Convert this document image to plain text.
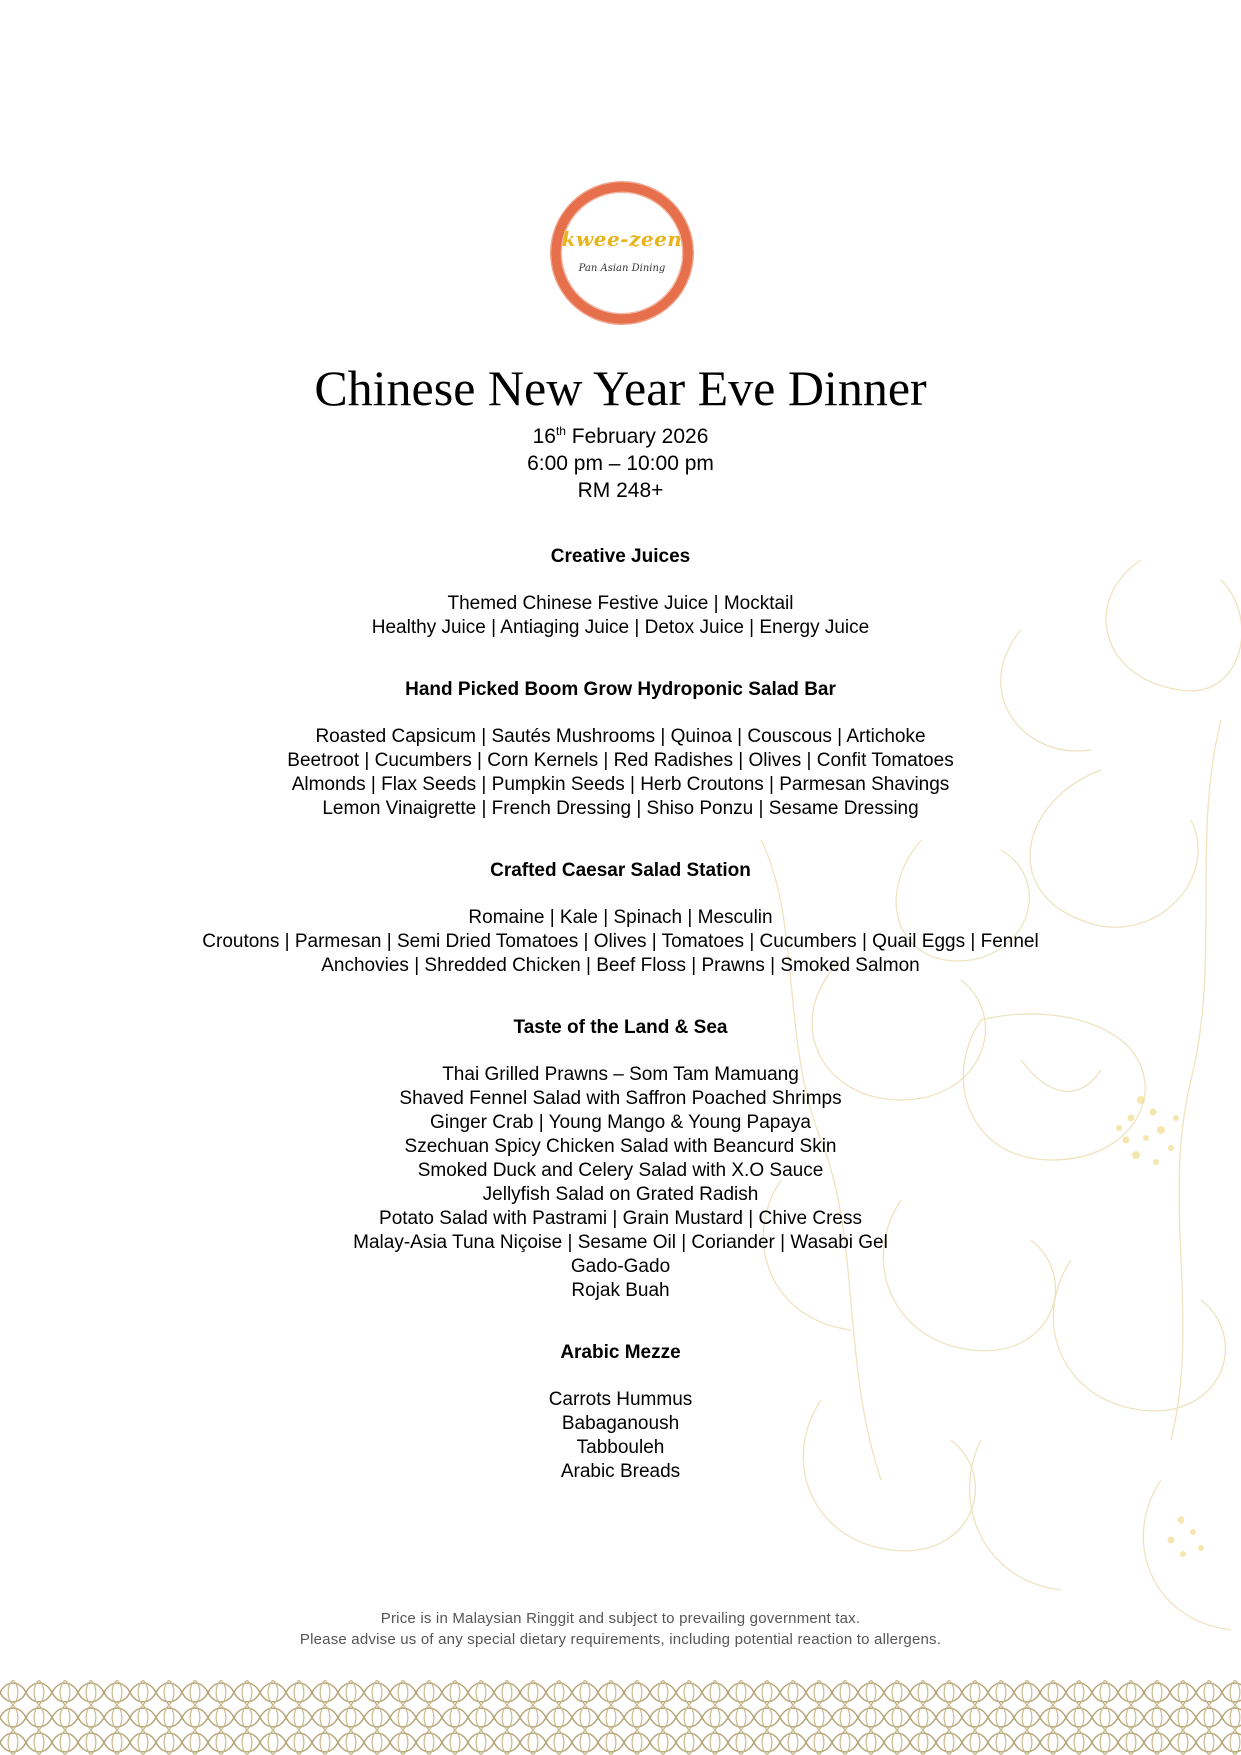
kwee-zeen
Pan Asian Dining
Chinese New Year Eve Dinner
16th February 2026
6:00 pm – 10:00 pm
RM 248+
Creative Juices
Themed Chinese Festive Juice | Mocktail
Healthy Juice | Antiaging Juice | Detox Juice | Energy Juice
Hand Picked Boom Grow Hydroponic Salad Bar
Roasted Capsicum | Sautés Mushrooms | Quinoa | Couscous | Artichoke
Beetroot | Cucumbers | Corn Kernels | Red Radishes | Olives | Confit Tomatoes
Almonds | Flax Seeds | Pumpkin Seeds | Herb Croutons | Parmesan Shavings
Lemon Vinaigrette | French Dressing | Shiso Ponzu | Sesame Dressing
Crafted Caesar Salad Station
Romaine | Kale | Spinach | Mesculin
Croutons | Parmesan | Semi Dried Tomatoes | Olives | Tomatoes | Cucumbers | Quail Eggs | Fennel
Anchovies | Shredded Chicken | Beef Floss | Prawns | Smoked Salmon
Taste of the Land & Sea
Thai Grilled Prawns – Som Tam Mamuang
Shaved Fennel Salad with Saffron Poached Shrimps
Ginger Crab | Young Mango & Young Papaya
Szechuan Spicy Chicken Salad with Beancurd Skin
Smoked Duck and Celery Salad with X.O Sauce
Jellyfish Salad on Grated Radish
Potato Salad with Pastrami | Grain Mustard | Chive Cress
Malay-Asia Tuna Niçoise | Sesame Oil | Coriander | Wasabi Gel
Gado-Gado
Rojak Buah
Arabic Mezze
Carrots Hummus
Babaganoush
Tabbouleh
Arabic Breads
Price is in Malaysian Ringgit and subject to prevailing government tax.
Please advise us of any special dietary requirements, including potential reaction to allergens.
